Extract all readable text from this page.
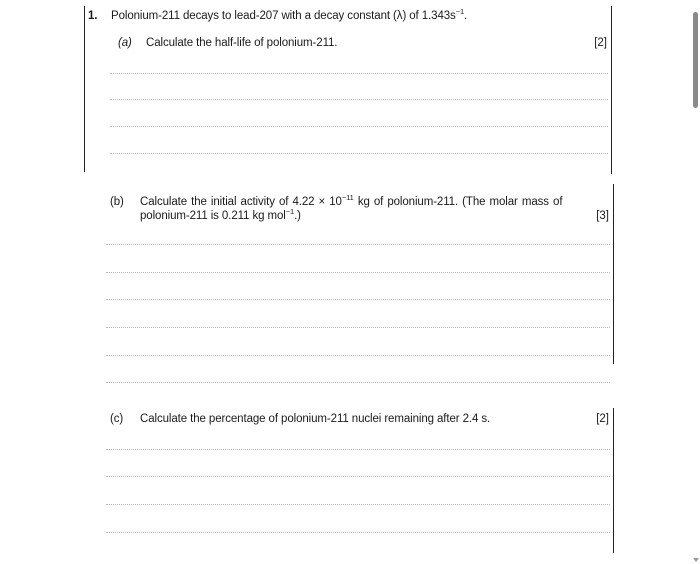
1. Polonium-211 decays to lead-207 with a decay constant (λ) of $1.343s^{-1}$.
(a) Calculate the half-life of polonium-211.	[2]
(b) Calculate the initial activity of $4.22 \times 10^{-11}$ kg of polonium-211. (The molar mass of
polonium-211 is 0.211 kg mol$^{-1}$.)	[3]
(c) Calculate the percentage of polonium-211 nuclei remaining after 2.4 s.	[2]
